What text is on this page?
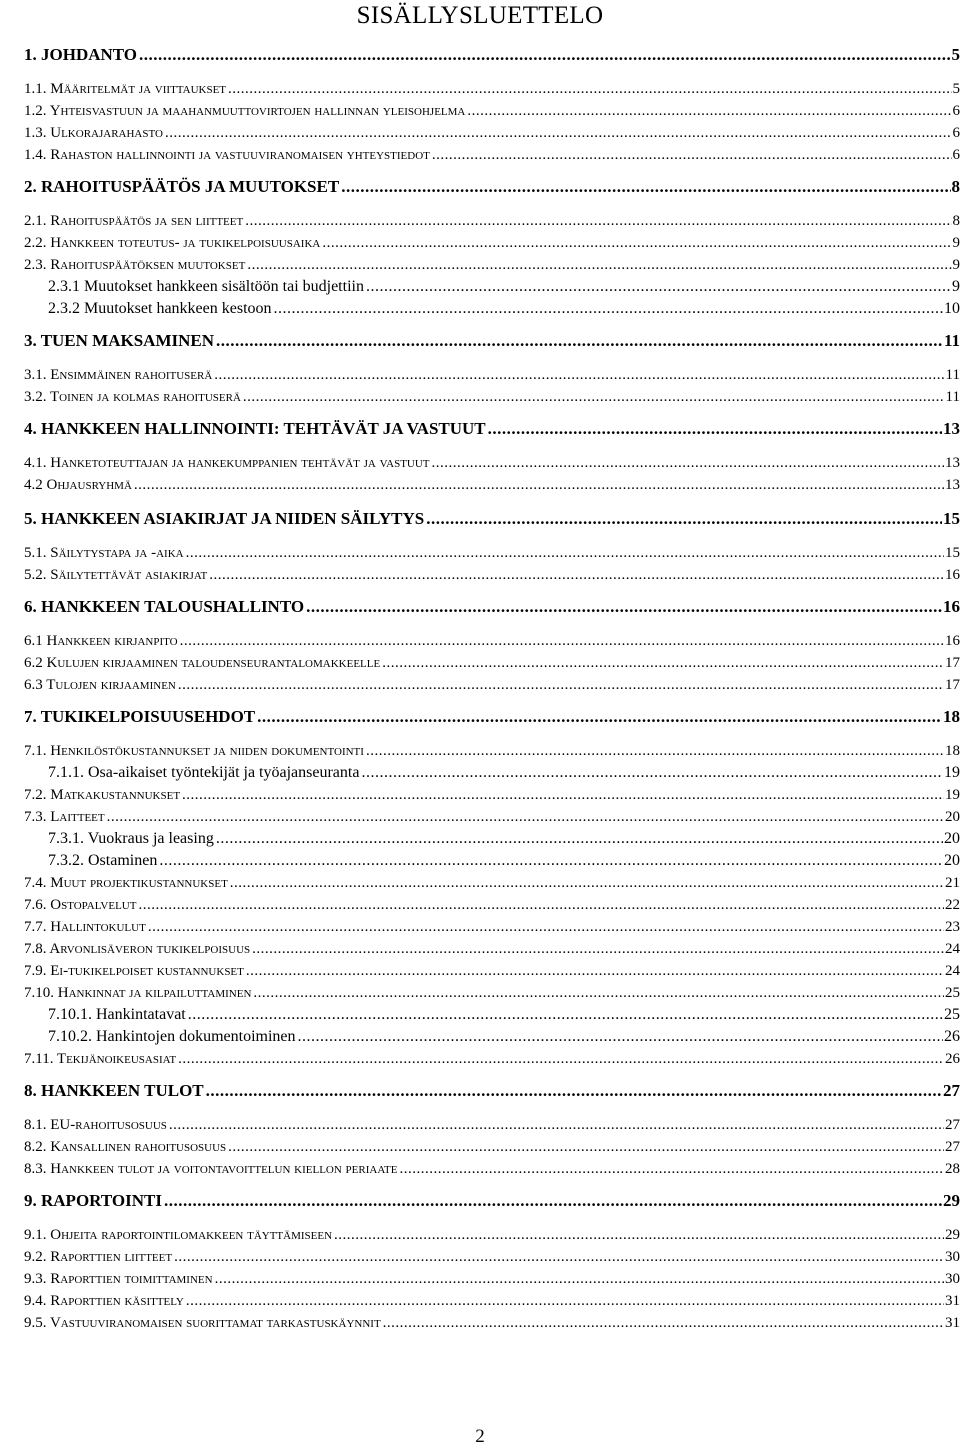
SISÄLLYSLUETTELO
1. JOHDANTO .....	5
1.1. Määritelmät ja viittaukset .....	5
1.2. Yhteisvastuun ja maahanmuuttovirtojen hallinnan yleisohjelma .....	6
1.3. Ulkorajarahasto .....	6
1.4. Rahaston hallinnointi ja vastuuviranomaisen yhteystiedot .....	6
2. RAHOITUSPÄÄTÖS JA MUUTOKSET .....	8
2.1. Rahoituspäätös ja sen liitteet .....	8
2.2. Hankkeen toteutus- ja tukikelpoisuusaika .....	9
2.3. Rahoituspäätöksen muutokset .....	9
2.3.1 Muutokset hankkeen sisältöön tai budjettiin .....	9
2.3.2 Muutokset hankkeen kestoon .....	10
3. TUEN MAKSAMINEN .....	11
3.1. Ensimmäinen rahoituserä .....	11
3.2. Toinen ja kolmas rahoituserä .....	11
4. HANKKEEN HALLINNOINTI: TEHTÄVÄT JA VASTUUT .....	13
4.1. Hanketoteuttajan ja hankekumppanien tehtävät ja vastuut .....	13
4.2 Ohjausryhmä .....	13
5. HANKKEEN ASIAKIRJAT JA NIIDEN SÄILYTYS .....	15
5.1. Säilytystapa ja -aika .....	15
5.2. Säilytettävät asiakirjat .....	16
6. HANKKEEN TALOUSHALLINTO .....	16
6.1 Hankkeen kirjanpito .....	16
6.2 Kulujen kirjaaminen taloudenseurantalomakkeelle .....	17
6.3 Tulojen kirjaaminen .....	17
7. TUKIKELPOISUUSEHDOT .....	18
7.1. Henkilöstökustannukset ja niiden dokumentointi .....	18
7.1.1. Osa-aikaiset työntekijät ja työajanseuranta .....	19
7.2. Matkakustannukset .....	19
7.3. Laitteet .....	20
7.3.1. Vuokraus ja leasing .....	20
7.3.2. Ostaminen .....	20
7.4. Muut projektikustannukset .....	21
7.6. Ostopalvelut .....	22
7.7. Hallintokulut .....	23
7.8. Arvonlisäveron tukikelpoisuus .....	24
7.9. Ei-tukikelpoiset kustannukset .....	24
7.10. Hankinnat ja kilpailuttaminen .....	25
7.10.1. Hankintatavat .....	25
7.10.2. Hankintojen dokumentoiminen .....	26
7.11. Tekijänoikeusasiat .....	26
8. HANKKEEN TULOT .....	27
8.1. EU-rahoitusosuus .....	27
8.2. Kansallinen rahoitusosuus .....	27
8.3. Hankkeen tulot ja voitontavoittelun kiellon periaate .....	28
9. RAPORTOINTI .....	29
9.1. Ohjeita raportointilomakkeen täyttämiseen .....	29
9.2. Raporttien liitteet .....	30
9.3. Raporttien toimittaminen .....	30
9.4. Raporttien käsittely .....	31
9.5. Vastuuviranomaisen suorittamat tarkastuskäynnit .....	31
2
